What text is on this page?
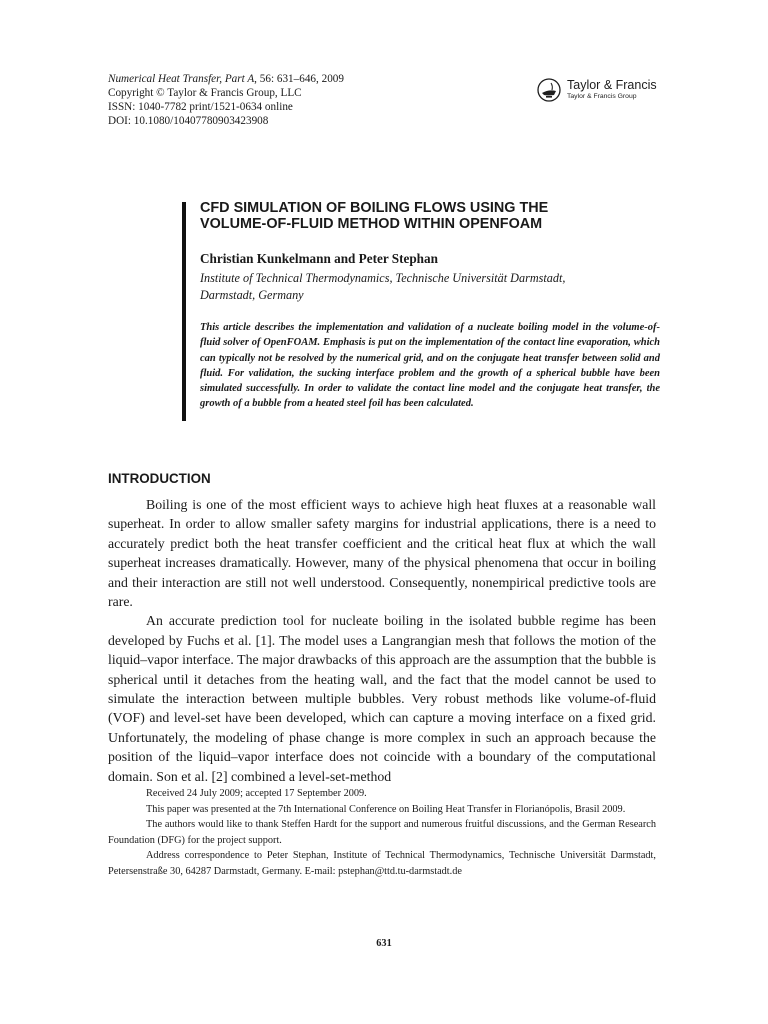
Numerical Heat Transfer, Part A, 56: 631–646, 2009
Copyright © Taylor & Francis Group, LLC
ISSN: 1040-7782 print/1521-0634 online
DOI: 10.1080/10407780903423908
Taylor & Francis
Taylor & Francis Group
CFD SIMULATION OF BOILING FLOWS USING THE
VOLUME-OF-FLUID METHOD WITHIN OPENFOAM
Christian Kunkelmann and Peter Stephan
Institute of Technical Thermodynamics, Technische Universität Darmstadt,
Darmstadt, Germany
This article describes the implementation and validation of a nucleate boiling model in the volume-of-fluid solver of OpenFOAM. Emphasis is put on the implementation of the contact line evaporation, which can typically not be resolved by the numerical grid, and on the conjugate heat transfer between solid and fluid. For validation, the sucking interface problem and the growth of a spherical bubble have been simulated successfully. In order to validate the contact line model and the conjugate heat transfer, the growth of a bubble from a heated steel foil has been calculated.
INTRODUCTION

Boiling is one of the most efficient ways to achieve high heat fluxes at a reasonable wall superheat. In order to allow smaller safety margins for industrial applications, there is a need to accurately predict both the heat transfer coefficient and the critical heat flux at which the wall superheat increases dramatically. However, many of the physical phenomena that occur in boiling and their interaction are still not well understood. Consequently, nonempirical predictive tools are rare.

An accurate prediction tool for nucleate boiling in the isolated bubble regime has been developed by Fuchs et al. [1]. The model uses a Langrangian mesh that follows the motion of the liquid–vapor interface. The major drawbacks of this approach are the assumption that the bubble is spherical until it detaches from the heating wall, and the fact that the model cannot be used to simulate the interaction between multiple bubbles. Very robust methods like volume-of-fluid (VOF) and level-set have been developed, which can capture a moving interface on a fixed grid. Unfortunately, the modeling of phase change is more complex in such an approach because the position of the liquid–vapor interface does not coincide with a boundary of the computational domain. Son et al. [2] combined a level-set-method

Received 24 July 2009; accepted 17 September 2009.

This paper was presented at the 7th International Conference on Boiling Heat Transfer in Florianópolis, Brasil 2009.

The authors would like to thank Steffen Hardt for the support and numerous fruitful discussions, and the German Research Foundation (DFG) for the project support.

Address correspondence to Peter Stephan, Institute of Technical Thermodynamics, Technische Universität Darmstadt, Petersenstraße 30, 64287 Darmstadt, Germany. E-mail: pstephan@ttd.tu-darmstadt.de

631
